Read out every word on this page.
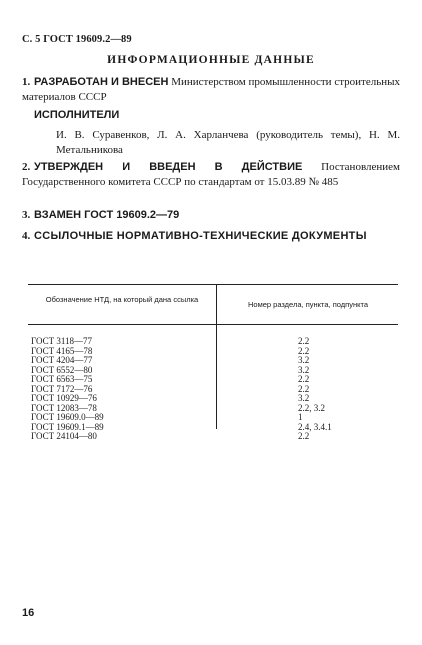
С. 5 ГОСТ 19609.2—89
ИНФОРМАЦИОННЫЕ ДАННЫЕ
1. РАЗРАБОТАН И ВНЕСЕН Министерством промышленности строительных материалов СССР
ИСПОЛНИТЕЛИ
И. В. Суравенков, Л. А. Харланчева (руководитель темы), Н. М. Метальникова
2. УТВЕРЖДЕН И ВВЕДЕН В ДЕЙСТВИЕ Постановлением Государственного комитета СССР по стандартам от 15.03.89 № 485
3. ВЗАМЕН ГОСТ 19609.2—79
4. ССЫЛОЧНЫЕ НОРМАТИВНО-ТЕХНИЧЕСКИЕ ДОКУМЕНТЫ
Обозначение НТД, на который дана ссылка
Номер раздела, пункта, подпункта
ГОСТ 3118—77	2.2
ГОСТ 4165—78	2.2
ГОСТ 4204—77	3.2
ГОСТ 6552—80	3.2
ГОСТ 6563—75	2.2
ГОСТ 7172—76	2.2
ГОСТ 10929—76	3.2
ГОСТ 12083—78	2.2, 3.2
ГОСТ 19609.0—89	1
ГОСТ 19609.1—89	2.4, 3.4.1
ГОСТ 24104—80	2.2
16
